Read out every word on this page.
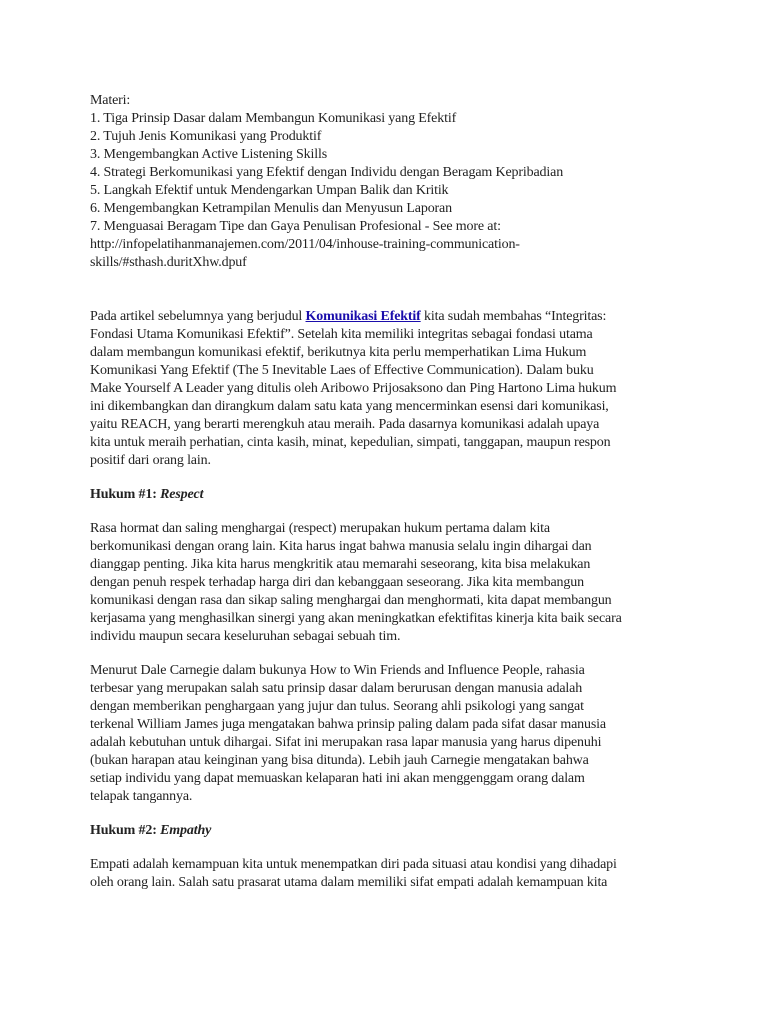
Materi:
1. Tiga Prinsip Dasar dalam Membangun Komunikasi yang Efektif
2. Tujuh Jenis Komunikasi yang Produktif
3. Mengembangkan Active Listening Skills
4. Strategi Berkomunikasi yang Efektif dengan Individu dengan Beragam Kepribadian
5. Langkah Efektif untuk Mendengarkan Umpan Balik dan Kritik
6. Mengembangkan Ketrampilan Menulis dan Menyusun Laporan
7. Menguasai Beragam Tipe dan Gaya Penulisan Profesional - See more at:
http://infopelatihanmanajemen.com/2011/04/inhouse-training-communication-
skills/#sthash.duritXhw.dpuf
Pada artikel sebelumnya yang berjudul Komunikasi Efektif kita sudah membahas “Integritas:
Fondasi Utama Komunikasi Efektif”. Setelah kita memiliki integritas sebagai fondasi utama
dalam membangun komunikasi efektif, berikutnya kita perlu memperhatikan Lima Hukum
Komunikasi Yang Efektif (The 5 Inevitable Laes of Effective Communication). Dalam buku
Make Yourself A Leader yang ditulis oleh Aribowo Prijosaksono dan Ping Hartono Lima hukum
ini dikembangkan dan dirangkum dalam satu kata yang mencerminkan esensi dari komunikasi,
yaitu REACH, yang berarti merengkuh atau meraih. Pada dasarnya komunikasi adalah upaya
kita untuk meraih perhatian, cinta kasih, minat, kepedulian, simpati, tanggapan, maupun respon
positif dari orang lain.
Hukum #1: Respect
Rasa hormat dan saling menghargai (respect) merupakan hukum pertama dalam kita
berkomunikasi dengan orang lain. Kita harus ingat bahwa manusia selalu ingin dihargai dan
dianggap penting. Jika kita harus mengkritik atau memarahi seseorang, kita bisa melakukan
dengan penuh respek terhadap harga diri dan kebanggaan seseorang. Jika kita membangun
komunikasi dengan rasa dan sikap saling menghargai dan menghormati, kita dapat membangun
kerjasama yang menghasilkan sinergi yang akan meningkatkan efektifitas kinerja kita baik secara
individu maupun secara keseluruhan sebagai sebuah tim.
Menurut Dale Carnegie dalam bukunya How to Win Friends and Influence People, rahasia
terbesar yang merupakan salah satu prinsip dasar dalam berurusan dengan manusia adalah
dengan memberikan penghargaan yang jujur dan tulus. Seorang ahli psikologi yang sangat
terkenal William James juga mengatakan bahwa prinsip paling dalam pada sifat dasar manusia
adalah kebutuhan untuk dihargai. Sifat ini merupakan rasa lapar manusia yang harus dipenuhi
(bukan harapan atau keinginan yang bisa ditunda). Lebih jauh Carnegie mengatakan bahwa
setiap individu yang dapat memuaskan kelaparan hati ini akan menggenggam orang dalam
telapak tangannya.
Hukum #2: Empathy
Empati adalah kemampuan kita untuk menempatkan diri pada situasi atau kondisi yang dihadapi
oleh orang lain. Salah satu prasarat utama dalam memiliki sifat empati adalah kemampuan kita
